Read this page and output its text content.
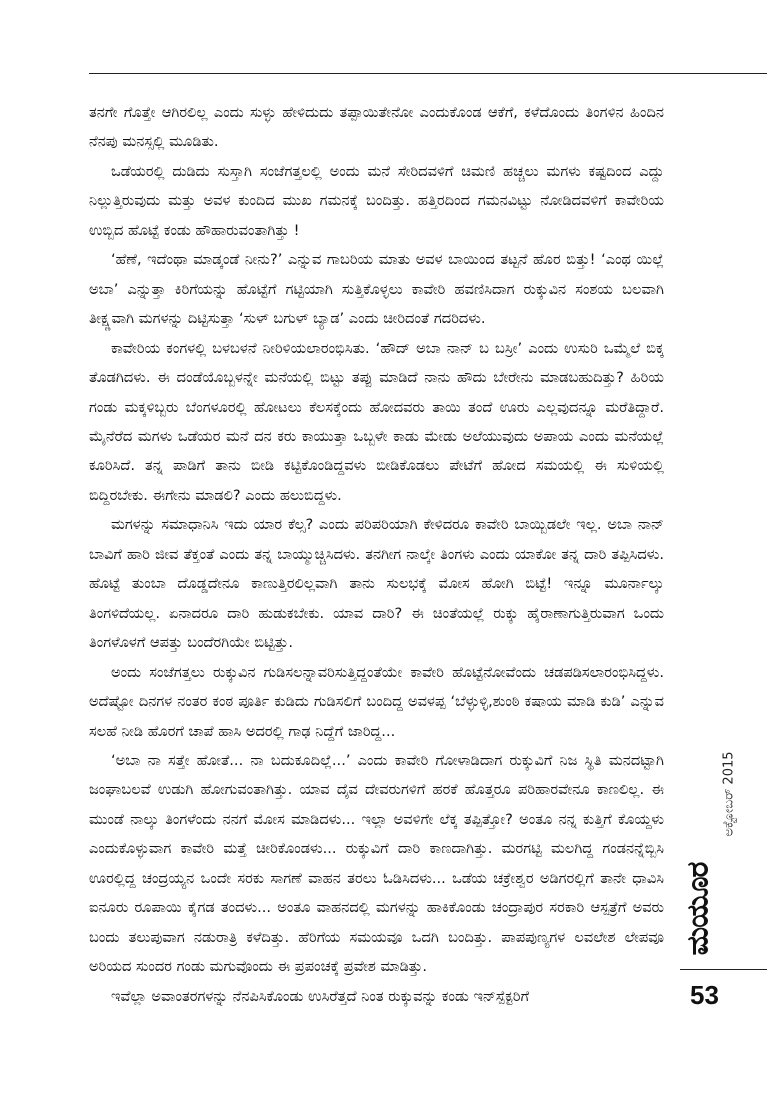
ತನಗೇ ಗೊತ್ತೇ ಆಗಿರಲಿಲ್ಲ ಎಂದು ಸುಳ್ಳು ಹೇಳಿದುದು ತಪ್ಪಾಯಿತೇನೋ ಎಂದುಕೊಂಡ ಆಕೆಗೆ, ಕಳೆದೊಂದು ತಿಂಗಳಿನ ಹಿಂದಿನ ನೆನಪು ಮನಸ್ಸಲ್ಲಿ ಮೂಡಿತು.

ಒಡೆಯರಲ್ಲಿ ದುಡಿದು ಸುಸ್ತಾಗಿ ಸಂಜೆಗತ್ತಲಲ್ಲಿ ಅಂದು ಮನೆ ಸೇರಿದವಳಿಗೆ ಚಿಮಣಿ ಹಚ್ಚಲು ಮಗಳು ಕಷ್ಟದಿಂದ ಎದ್ದು ನಿಲ್ಲುತ್ತಿರುವುದು ಮತ್ತು ಅವಳ ಕುಂದಿದ ಮುಖ ಗಮನಕ್ಕೆ ಬಂದಿತ್ತು. ಹತ್ತಿರದಿಂದ ಗಮನವಿಟ್ಟು ನೋಡಿದವಳಿಗೆ ಕಾವೇರಿಯ ಉಬ್ಬಿದ ಹೊಟ್ಟೆ ಕಂಡು ಹೌಹಾರುವಂತಾಗಿತ್ತು !

‘ಹೆಣೆ, ಇದೆಂಥಾ ಮಾಡ್ಕಂಡೆ ನೀನು?’ ಎನ್ನುವ ಗಾಬರಿಯ ಮಾತು ಅವಳ ಬಾಯಿಂದ ತಟ್ಟನೆ ಹೊರ ಬಿತ್ತು! ‘ಎಂಥ ಯಿಲ್ಲೆ ಅಬಾ’ ಎನ್ನುತ್ತಾ ಕಿರಿಗೆಯನ್ನು ಹೊಟ್ಟೆಗೆ ಗಟ್ಟಿಯಾಗಿ ಸುತ್ತಿಕೊಳ್ಳಲು ಕಾವೇರಿ ಹವಣಿಸಿದಾಗ ರುಕ್ಕುವಿನ ಸಂಶಯ ಬಲವಾಗಿ ತೀಕ್ಷ್ಣವಾಗಿ ಮಗಳನ್ನು ದಿಟ್ಟಿಸುತ್ತಾ ‘ಸುಳ್ ಬಗುಳ್ ಬ್ಯಾಡ’ ಎಂದು ಚೀರಿದಂತೆ ಗದರಿದಳು.

ಕಾವೇರಿಯ ಕಂಗಳಲ್ಲಿ ಬಳಬಳನೆ ನೀರಿಳಿಯಲಾರಂಭಿಸಿತು. ‘ಹೌದ್ ಅಬಾ ನಾನ್ ಬ ಬಸ್ರೀ’ ಎಂದು ಉಸುರಿ ಒಮ್ಮೆಲೆ ಬಿಕ್ಕ ತೊಡಗಿದಳು. ಈ ದಂಡೆಯೊಬ್ಬಳನ್ನೇ ಮನೆಯಲ್ಲಿ ಬಿಟ್ಟು ತಪ್ಪು ಮಾಡಿದೆ ನಾನು ಹೌದು ಬೇರೇನು ಮಾಡಬಹುದಿತ್ತು? ಹಿರಿಯ ಗಂಡು ಮಕ್ಕಳಿಬ್ಬರು ಬೆಂಗಳೂರಲ್ಲಿ ಹೋಟಲು ಕೆಲಸಕ್ಕೆಂದು ಹೋದವರು ತಾಯಿ ತಂದೆ ಊರು ಎಲ್ಲವುದನ್ನೂ ಮರೆತಿದ್ದಾರೆ. ಮೈನೆರೆದ ಮಗಳು ಒಡೆಯರ ಮನೆ ದನ ಕರು ಕಾಯುತ್ತಾ ಒಬ್ಬಳೇ ಕಾಡು ಮೇಡು ಅಲೆಯುವುದು ಅಪಾಯ ಎಂದು ಮನೆಯಲ್ಲೆ ಕೂರಿಸಿದೆ. ತನ್ನ ಪಾಡಿಗೆ ತಾನು ಬೀಡಿ ಕಟ್ಟಿಕೊಂಡಿದ್ದವಳು ಬೀಡಿಕೊಡಲು ಪೇಟೆಗೆ ಹೋದ ಸಮಯಲ್ಲಿ ಈ ಸುಳಿಯಲ್ಲಿ ಬಿದ್ದಿರಬೇಕು. ಈಗೇನು ಮಾಡಲಿ? ಎಂದು ಹಲುಬಿದ್ದಳು.

ಮಗಳನ್ನು ಸಮಾಧಾನಿಸಿ ಇದು ಯಾರ ಕೆಲ್ಸ? ಎಂದು ಪರಿಪರಿಯಾಗಿ ಕೇಳಿದರೂ ಕಾವೇರಿ ಬಾಯ್ಬಿಡಲೇ ಇಲ್ಲ. ಅಬಾ ನಾನ್ ಬಾವಿಗೆ ಹಾರಿ ಜೀವ ತೆಕ್ತಂತೆ ಎಂದು ತನ್ನ ಬಾಯ್ಮುಚ್ಚಿಸಿದಳು. ತನಗೀಗ ನಾಲ್ಕೇ ತಿಂಗಳು ಎಂದು ಯಾಕೋ ತನ್ನ ದಾರಿ ತಪ್ಪಿಸಿದಳು. ಹೊಟ್ಟೆ ತುಂಬಾ ದೊಡ್ಡದೇನೂ ಕಾಣುತ್ತಿರಲಿಲ್ಲವಾಗಿ ತಾನು ಸುಲಭಕ್ಕೆ ಮೋಸ ಹೋಗಿ ಬಿಟ್ಟೆ! ಇನ್ನೂ ಮೂರ್ನಾಲ್ಕು ತಿಂಗಳಿದೆಯಲ್ಲ. ಏನಾದರೂ ದಾರಿ ಹುಡುಕಬೇಕು. ಯಾವ ದಾರಿ? ಈ ಚಿಂತೆಯಲ್ಲೆ ರುಕ್ಕು ಹೈರಾಣಾಗುತ್ತಿರುವಾಗ ಒಂದು ತಿಂಗಳೊಳಗೆ ಆಪತ್ತು ಬಂದೆರಗಿಯೇ ಬಿಟ್ಟಿತ್ತು.

ಅಂದು ಸಂಜೆಗತ್ತಲು ರುಕ್ಕುವಿನ ಗುಡಿಸಲನ್ನಾವರಿಸುತ್ತಿದ್ದಂತೆಯೇ ಕಾವೇರಿ ಹೊಟ್ಟೆನೋವೆಂದು ಚಡಪಡಿಸಲಾರಂಭಿಸಿದ್ದಳು. ಅದೆಷ್ಟೋ ದಿನಗಳ ನಂತರ ಕಂಠ ಪೂರ್ತಿ ಕುಡಿದು ಗುಡಿಸಲಿಗೆ ಬಂದಿದ್ದ ಅವಳಪ್ಪ ‘ಬೆಳ್ಳುಳ್ಳಿ,ಶುಂಠಿ ಕಷಾಯ ಮಾಡಿ ಕುಡಿ’ ಎನ್ನುವ ಸಲಹೆ ನೀಡಿ ಹೊರಗೆ ಚಾಪೆ ಹಾಸಿ ಅದರಲ್ಲಿ ಗಾಢ ನಿದ್ದೆಗೆ ಜಾರಿದ್ದ...

‘ಅಬಾ ನಾ ಸತ್ತೇ ಹೋತೆ... ನಾ ಬದುಕೂದಿಲ್ಲೆ...’ ಎಂದು ಕಾವೇರಿ ಗೋಳಾಡಿದಾಗ ರುಕ್ಕುವಿಗೆ ನಿಜ ಸ್ಥಿತಿ ಮನದಟ್ಟಾಗಿ ಜಂಘಾಬಲವೆ ಉಡುಗಿ ಹೋಗುವಂತಾಗಿತ್ತು. ಯಾವ ದೈವ ದೇವರುಗಳಿಗೆ ಹರಕೆ ಹೊತ್ತರೂ ಪರಿಹಾರವೇನೂ ಕಾಣಲಿಲ್ಲ. ಈ ಮುಂಡೆ ನಾಲ್ಕು ತಿಂಗಳೆಂದು ನನಗೆ ಮೋಸ ಮಾಡಿದಳು... ಇಲ್ಲಾ ಅವಳಿಗೇ ಲೆಕ್ಕ ತಪ್ಪಿತ್ತೋ? ಅಂತೂ ನನ್ನ ಕುತ್ತಿಗೆ ಕೊಯ್ದಳು ಎಂದುಕೊಳ್ಳುವಾಗ ಕಾವೇರಿ ಮತ್ತೆ ಚೀರಿಕೊಂಡಳು... ರುಕ್ಕುವಿಗೆ ದಾರಿ ಕಾಣದಾಗಿತ್ತು. ಮರಗಟ್ಟಿ ಮಲಗಿದ್ದ ಗಂಡನನ್ನೆಬ್ಬಿಸಿ ಊರಲ್ಲಿದ್ದ ಚಂದ್ರಯ್ಯನ ಒಂದೇ ಸರಕು ಸಾಗಣೆ ವಾಹನ ತರಲು ಓಡಿಸಿದಳು... ಒಡೆಯ ಚಕ್ರೇಶ್ವರ ಅಡಿಗರಲ್ಲಿಗೆ ತಾನೇ ಧಾವಿಸಿ ಐನೂರು ರೂಪಾಯಿ ಕೈಗಡ ತಂದಳು... ಅಂತೂ ವಾಹನದಲ್ಲಿ ಮಗಳನ್ನು ಹಾಕಿಕೊಂಡು ಚಂದ್ರಾಪುರ ಸರಕಾರಿ ಆಸ್ಪತ್ರೆಗೆ ಅವರು ಬಂದು ತಲುಪುವಾಗ ನಡುರಾತ್ರಿ ಕಳೆದಿತ್ತು. ಹೆರಿಗೆಯ ಸಮಯವೂ ಒದಗಿ ಬಂದಿತ್ತು. ಪಾಪಪುಣ್ಯಗಳ ಲವಲೇಶ ಲೇಪವೂ ಅರಿಯದ ಸುಂದರ ಗಂಡು ಮಗುವೊಂದು ಈ ಪ್ರಪಂಚಕ್ಕೆ ಪ್ರವೇಶ ಮಾಡಿತ್ತು.

ಇವೆಲ್ಲಾ ಅವಾಂತರಗಳನ್ನು ನೆನಪಿಸಿಕೊಂಡು ಉಸಿರೆತ್ತದೆ ನಿಂತ ರುಕ್ಕುವನ್ನು ಕಂಡು ಇನ್‌ಸ್ಪೆಕ್ಟರಿಗೆ

ಅಕ್ಟೋಬರ್ 2015
ಮಯೂರ
53
